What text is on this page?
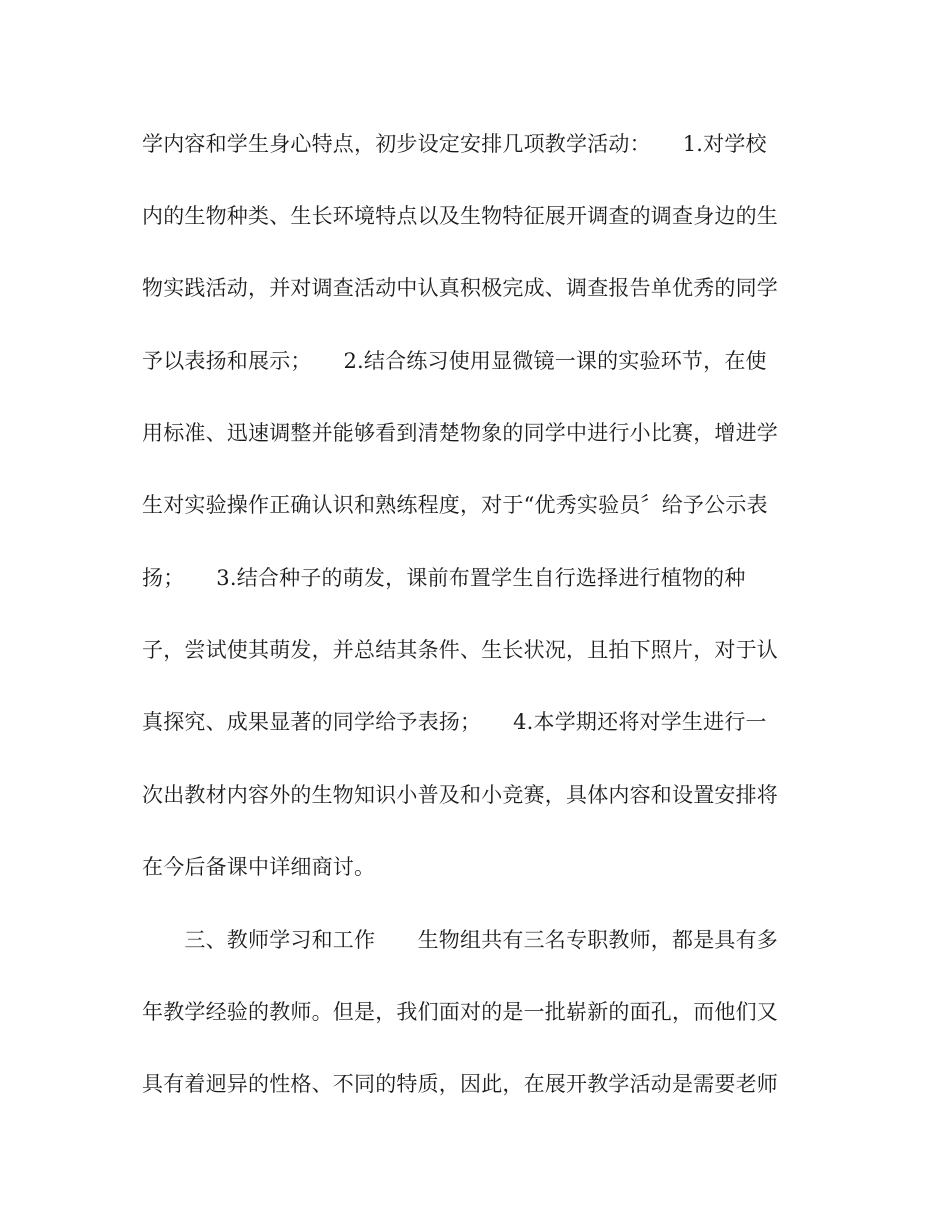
学内容和学生身心特点，初步设定安排几项教学活动：　　1.对学校
内的生物种类、生长环境特点以及生物特征展开调查的调查身边的生
物实践活动，并对调查活动中认真积极完成、调查报告单优秀的同学
予以表扬和展示；　　2.结合练习使用显微镜一课的实验环节，在使
用标准、迅速调整并能够看到清楚物象的同学中进行小比赛，增进学
生对实验操作正确认识和熟练程度，对于“优秀实验员〞给予公示表
扬；　　3.结合种子的萌发，课前布置学生自行选择进行植物的种
子，尝试使其萌发，并总结其条件、生长状况，且拍下照片，对于认
真探究、成果显著的同学给予表扬；　　4.本学期还将对学生进行一
次出教材内容外的生物知识小普及和小竞赛，具体内容和设置安排将
在今后备课中详细商讨。
　　三、教师学习和工作　　生物组共有三名专职教师，都是具有多
年教学经验的教师。但是，我们面对的是一批崭新的面孔，而他们又
具有着迥异的性格、不同的特质，因此，在展开教学活动是需要老师
